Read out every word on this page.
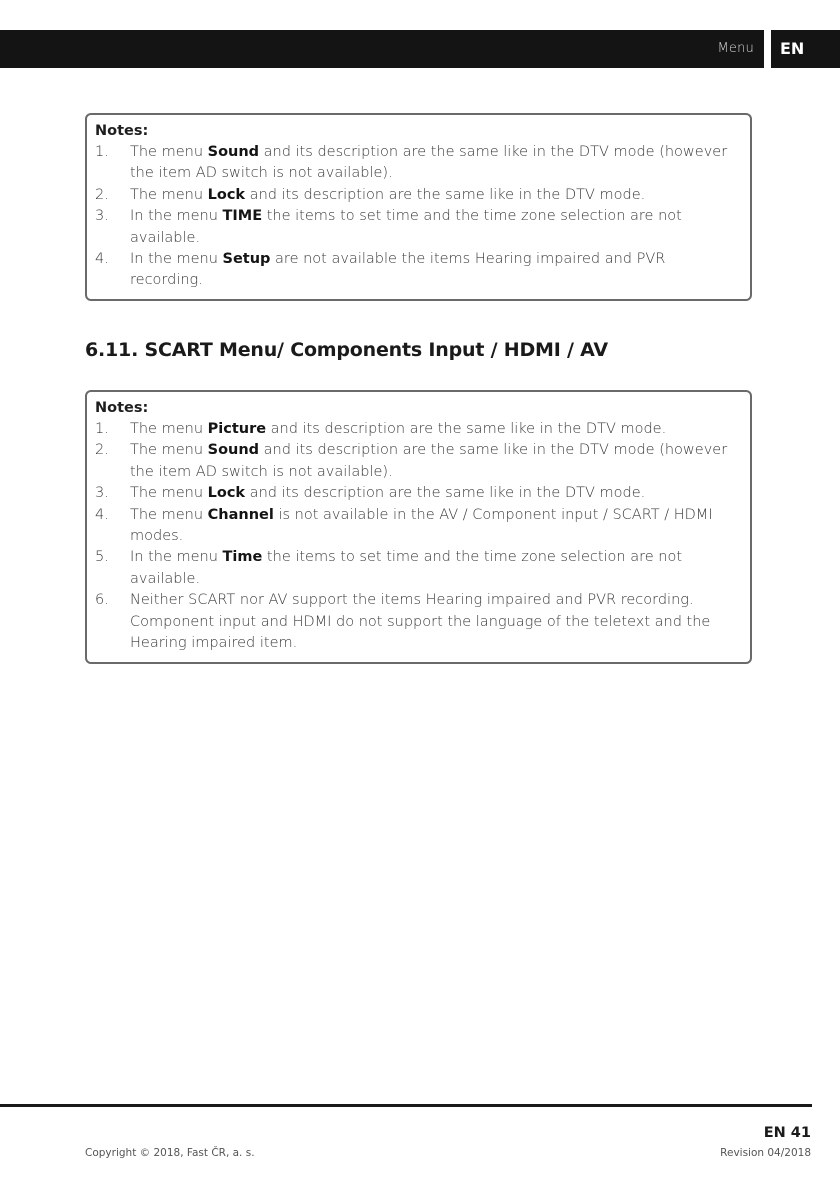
Menu	EN
Notes:
1. The menu Sound and its description are the same like in the DTV mode (however the item AD switch is not available).
2. The menu Lock and its description are the same like in the DTV mode.
3. In the menu TIME the items to set time and the time zone selection are not available.
4. In the menu Setup are not available the items Hearing impaired and PVR recording.
6.11. SCART Menu/ Components Input / HDMI / AV
Notes:
1. The menu Picture and its description are the same like in the DTV mode.
2. The menu Sound and its description are the same like in the DTV mode (however the item AD switch is not available).
3. The menu Lock and its description are the same like in the DTV mode.
4. The menu Channel is not available in the AV / Component input / SCART / HDMI modes.
5. In the menu Time the items to set time and the time zone selection are not available.
6. Neither SCART nor AV support the items Hearing impaired and PVR recording. Component input and HDMI do not support the language of the teletext and the Hearing impaired item.
EN 41
Copyright © 2018, Fast ČR, a. s.	Revision 04/2018
